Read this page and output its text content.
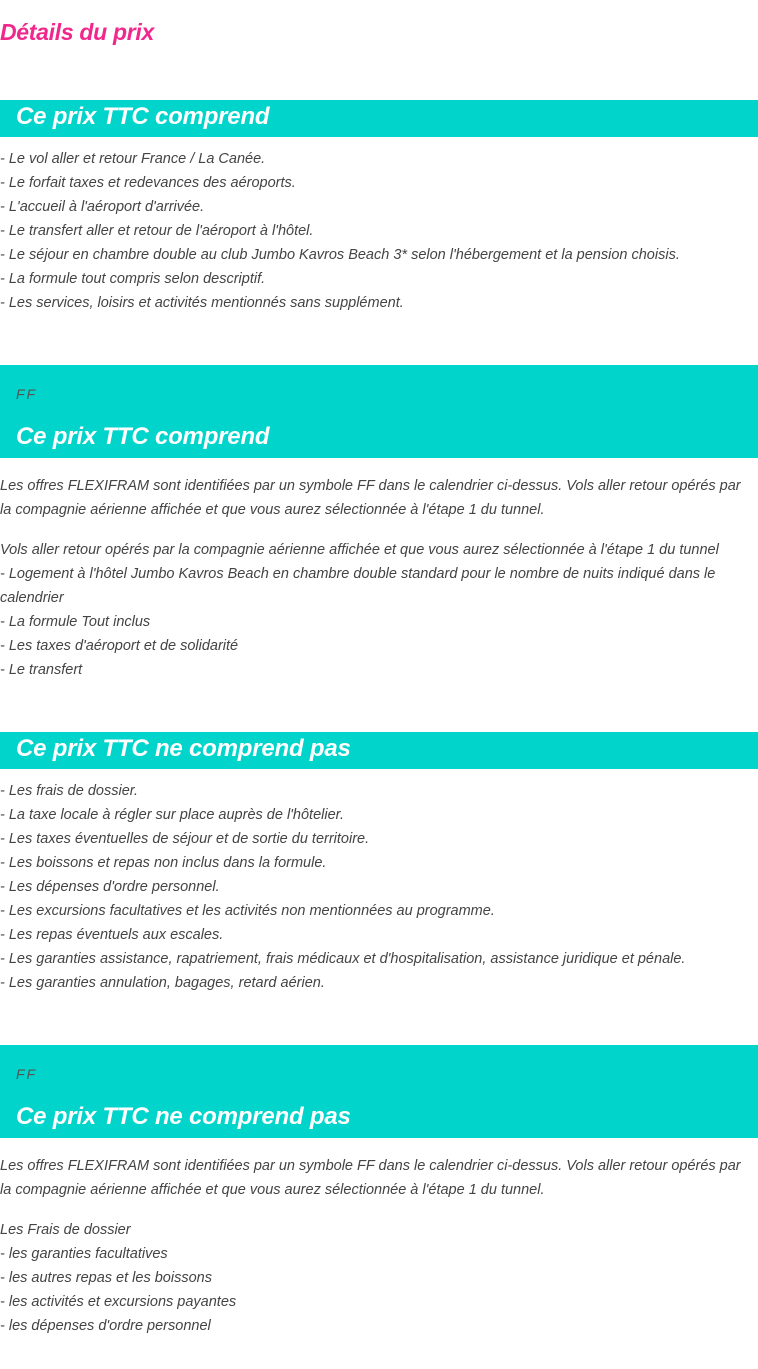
Détails du prix
Ce prix TTC comprend
- Le vol aller et retour France / La Canée.
- Le forfait taxes et redevances des aéroports.
- L'accueil à l'aéroport d'arrivée.
- Le transfert aller et retour de l'aéroport à l'hôtel.
- Le séjour en chambre double au club Jumbo Kavros Beach 3* selon l'hébergement et la pension choisis.
- La formule tout compris selon descriptif.
- Les services, loisirs et activités mentionnés sans supplément.
FF
Ce prix TTC comprend

Les offres FLEXIFRAM sont identifiées par un symbole FF dans le calendrier ci-dessus. Vols aller retour opérés par la compagnie aérienne affichée et que vous aurez sélectionnée à l'étape 1 du tunnel.

Vols aller retour opérés par la compagnie aérienne affichée et que vous aurez sélectionnée à l'étape 1 du tunnel
- Logement à l'hôtel Jumbo Kavros Beach en chambre double standard pour le nombre de nuits indiqué dans le calendrier
- La formule Tout inclus
- Les taxes d'aéroport et de solidarité
- Le transfert
Ce prix TTC ne comprend pas
- Les frais de dossier.
- La taxe locale à régler sur place auprès de l'hôtelier.
- Les taxes éventuelles de séjour et de sortie du territoire.
- Les boissons et repas non inclus dans la formule.
- Les dépenses d'ordre personnel.
- Les excursions facultatives et les activités non mentionnées au programme.
- Les repas éventuels aux escales.
- Les garanties assistance, rapatriement, frais médicaux et d'hospitalisation, assistance juridique et pénale.
- Les garanties annulation, bagages, retard aérien.
FF
Ce prix TTC ne comprend pas

Les offres FLEXIFRAM sont identifiées par un symbole FF dans le calendrier ci-dessus. Vols aller retour opérés par la compagnie aérienne affichée et que vous aurez sélectionnée à l'étape 1 du tunnel.

Les Frais de dossier
- les garanties facultatives
- les autres repas et les boissons
- les activités et excursions payantes
- les dépenses d'ordre personnel
